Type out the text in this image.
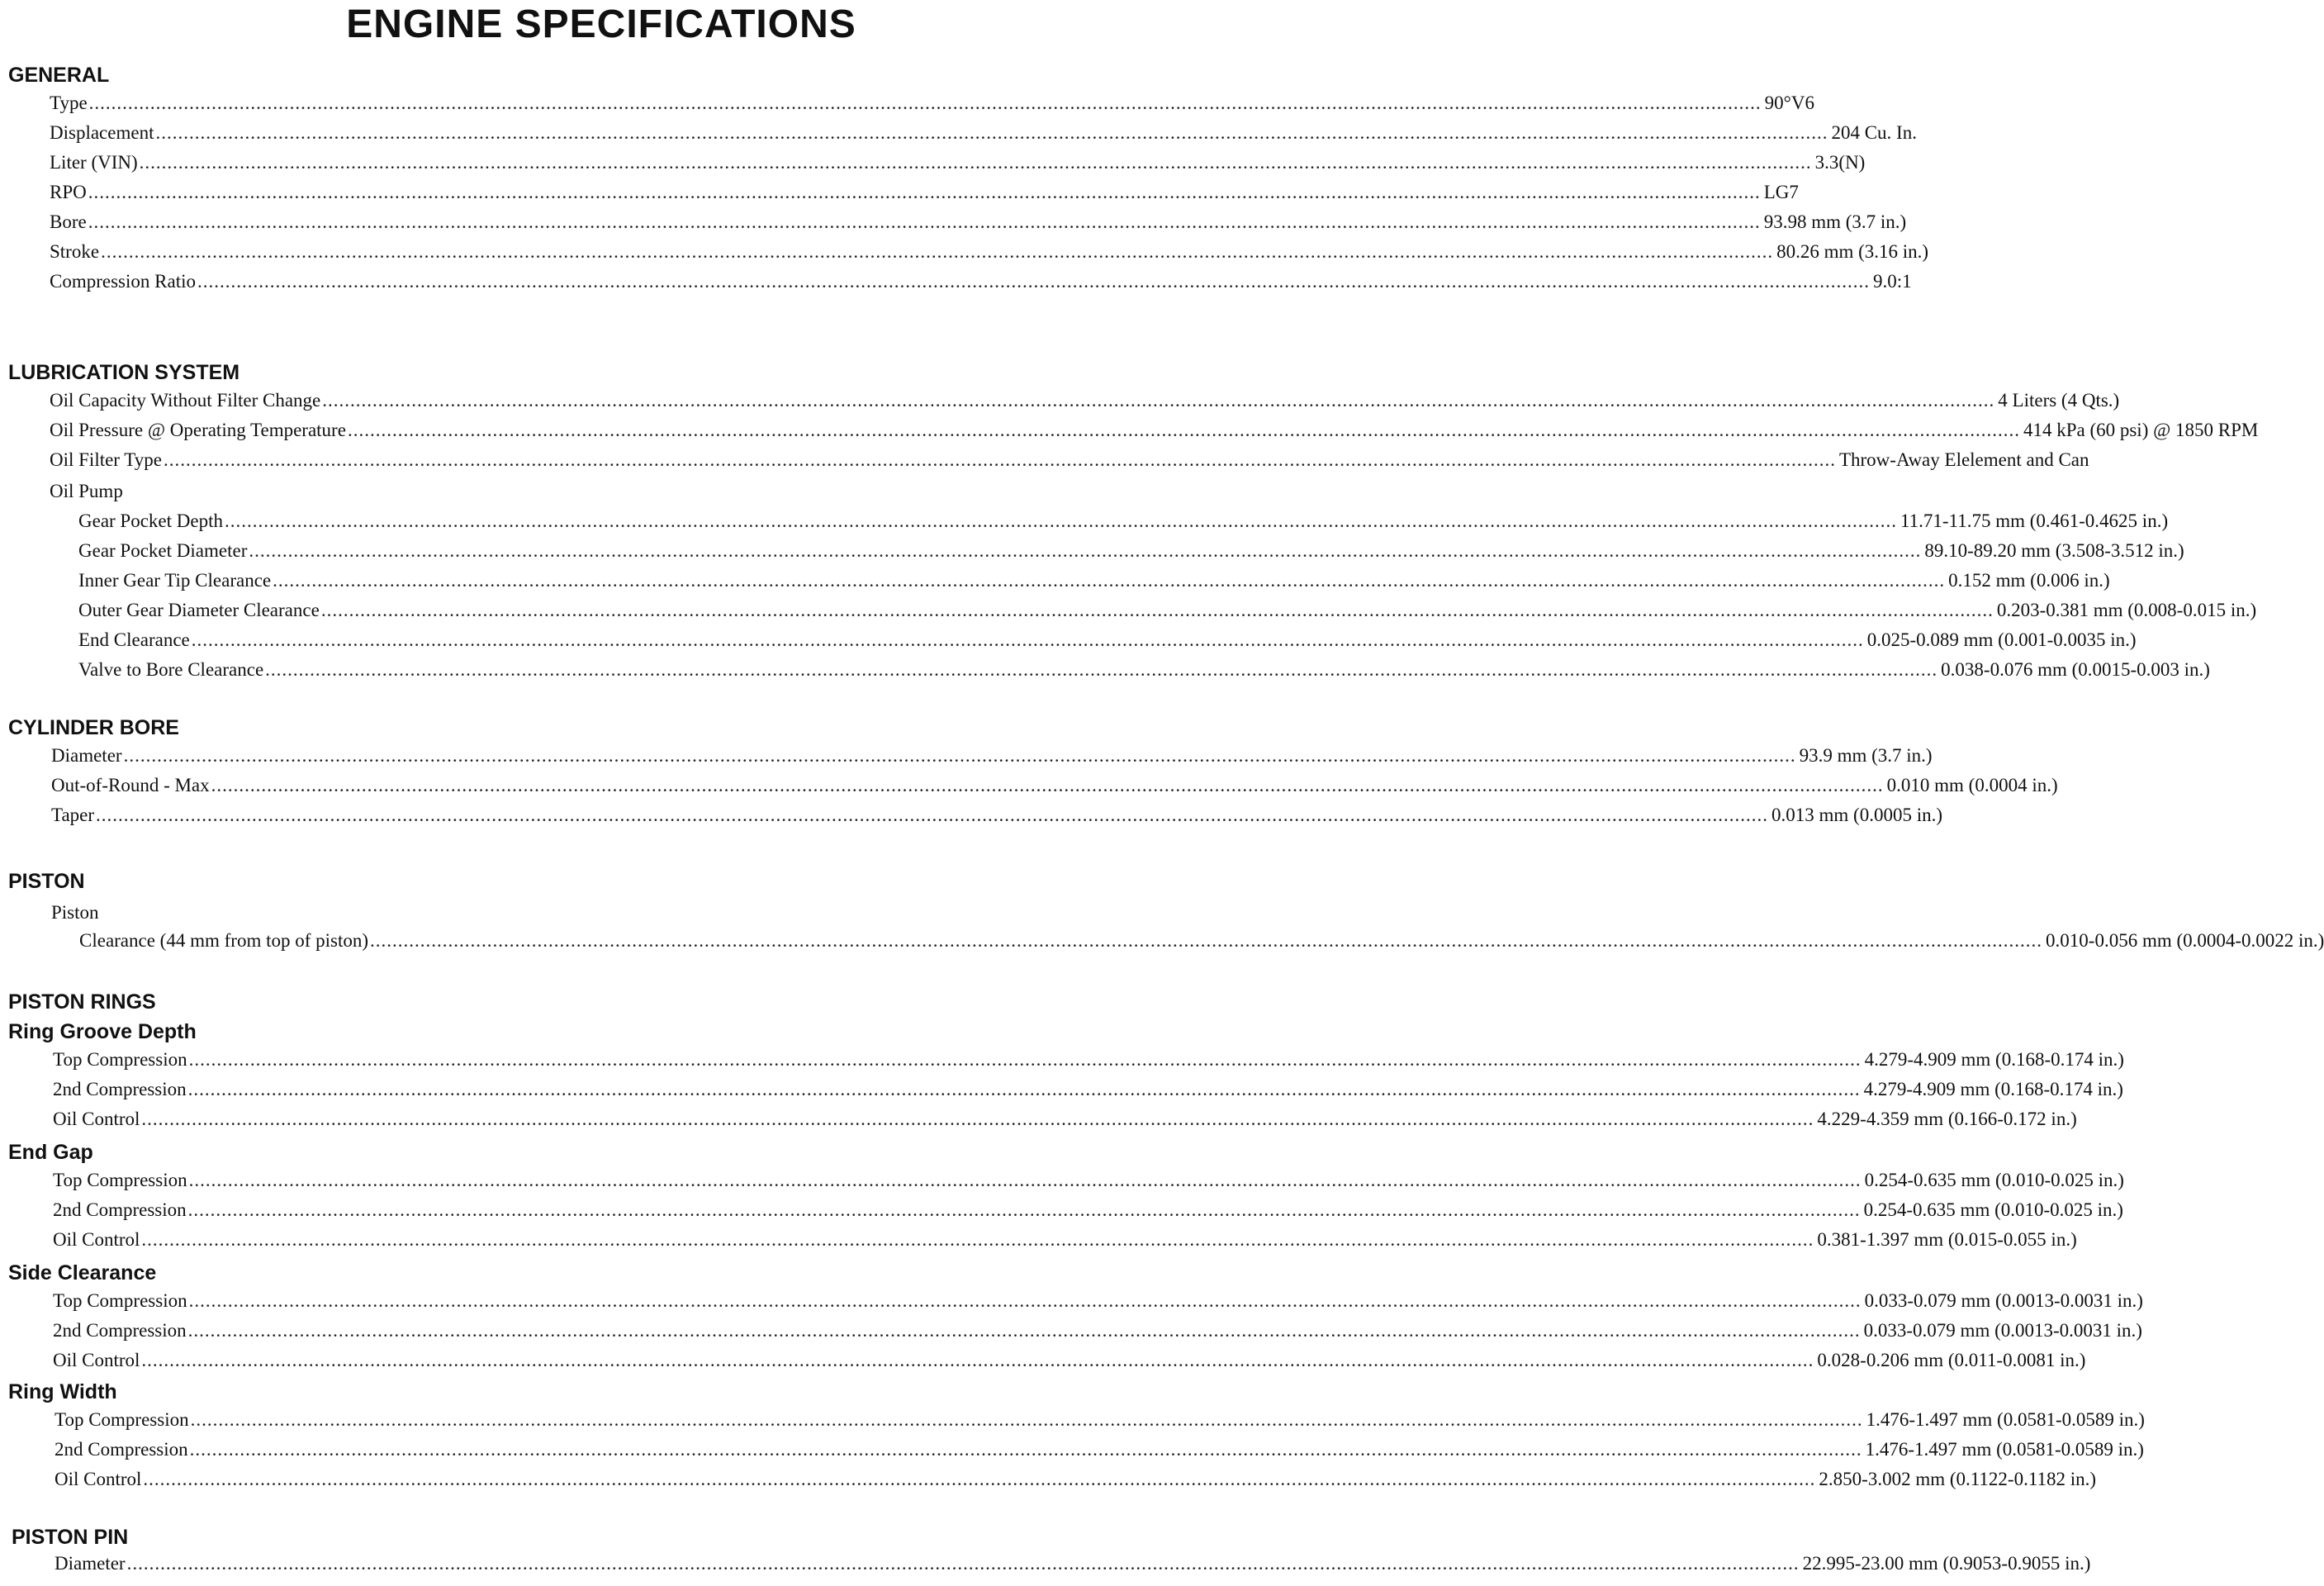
ENGINE SPECIFICATIONS
GENERAL
Type ............................................................................................................................................................................................................................................................................................................ 90°V6
Displacement ............................................................................................................................................................................................................................................................................................................ 204 Cu. In.
Liter (VIN) ............................................................................................................................................................................................................................................................................................................ 3.3(N)
RPO ............................................................................................................................................................................................................................................................................................................ LG7
Bore ............................................................................................................................................................................................................................................................................................................ 93.98 mm (3.7 in.)
Stroke ............................................................................................................................................................................................................................................................................................................ 80.26 mm (3.16 in.)
Compression Ratio ............................................................................................................................................................................................................................................................................................................ 9.0:1
LUBRICATION SYSTEM
Oil Capacity Without Filter Change ............................................................................................................................................................................................................................................................................................................ 4 Liters (4 Qts.)
Oil Pressure @ Operating Temperature ............................................................................................................................................................................................................................................................................................................ 414 kPa (60 psi) @ 1850 RPM
Oil Filter Type ............................................................................................................................................................................................................................................................................................................ Throw-Away Elelement and Can
Oil Pump
Gear Pocket Depth ............................................................................................................................................................................................................................................................................................................ 11.71-11.75 mm (0.461-0.4625 in.)
Gear Pocket Diameter ............................................................................................................................................................................................................................................................................................................ 89.10-89.20 mm (3.508-3.512 in.)
Inner Gear Tip Clearance ............................................................................................................................................................................................................................................................................................................ 0.152 mm (0.006 in.)
Outer Gear Diameter Clearance ............................................................................................................................................................................................................................................................................................................ 0.203-0.381 mm (0.008-0.015 in.)
End Clearance ............................................................................................................................................................................................................................................................................................................ 0.025-0.089 mm (0.001-0.0035 in.)
Valve to Bore Clearance ............................................................................................................................................................................................................................................................................................................ 0.038-0.076 mm (0.0015-0.003 in.)
CYLINDER BORE
Diameter ............................................................................................................................................................................................................................................................................................................ 93.9 mm (3.7 in.)
Out-of-Round - Max ............................................................................................................................................................................................................................................................................................................ 0.010 mm (0.0004 in.)
Taper ............................................................................................................................................................................................................................................................................................................ 0.013 mm (0.0005 in.)
PISTON
Piston
Clearance (44 mm from top of piston) ............................................................................................................................................................................................................................................................................................................ 0.010-0.056 mm (0.0004-0.0022 in.)
PISTON RINGS
Ring Groove Depth
Top Compression ............................................................................................................................................................................................................................................................................................................ 4.279-4.909 mm (0.168-0.174 in.)
2nd Compression ............................................................................................................................................................................................................................................................................................................ 4.279-4.909 mm (0.168-0.174 in.)
Oil Control ............................................................................................................................................................................................................................................................................................................ 4.229-4.359 mm (0.166-0.172 in.)
End Gap
Top Compression ............................................................................................................................................................................................................................................................................................................ 0.254-0.635 mm (0.010-0.025 in.)
2nd Compression ............................................................................................................................................................................................................................................................................................................ 0.254-0.635 mm (0.010-0.025 in.)
Oil Control ............................................................................................................................................................................................................................................................................................................ 0.381-1.397 mm (0.015-0.055 in.)
Side Clearance
Top Compression ............................................................................................................................................................................................................................................................................................................ 0.033-0.079 mm (0.0013-0.0031 in.)
2nd Compression ............................................................................................................................................................................................................................................................................................................ 0.033-0.079 mm (0.0013-0.0031 in.)
Oil Control ............................................................................................................................................................................................................................................................................................................ 0.028-0.206 mm (0.011-0.0081 in.)
Ring Width
Top Compression ............................................................................................................................................................................................................................................................................................................ 1.476-1.497 mm (0.0581-0.0589 in.)
2nd Compression ............................................................................................................................................................................................................................................................................................................ 1.476-1.497 mm (0.0581-0.0589 in.)
Oil Control ............................................................................................................................................................................................................................................................................................................ 2.850-3.002 mm (0.1122-0.1182 in.)
PISTON PIN
Diameter ............................................................................................................................................................................................................................................................................................................ 22.995-23.00 mm (0.9053-0.9055 in.)
